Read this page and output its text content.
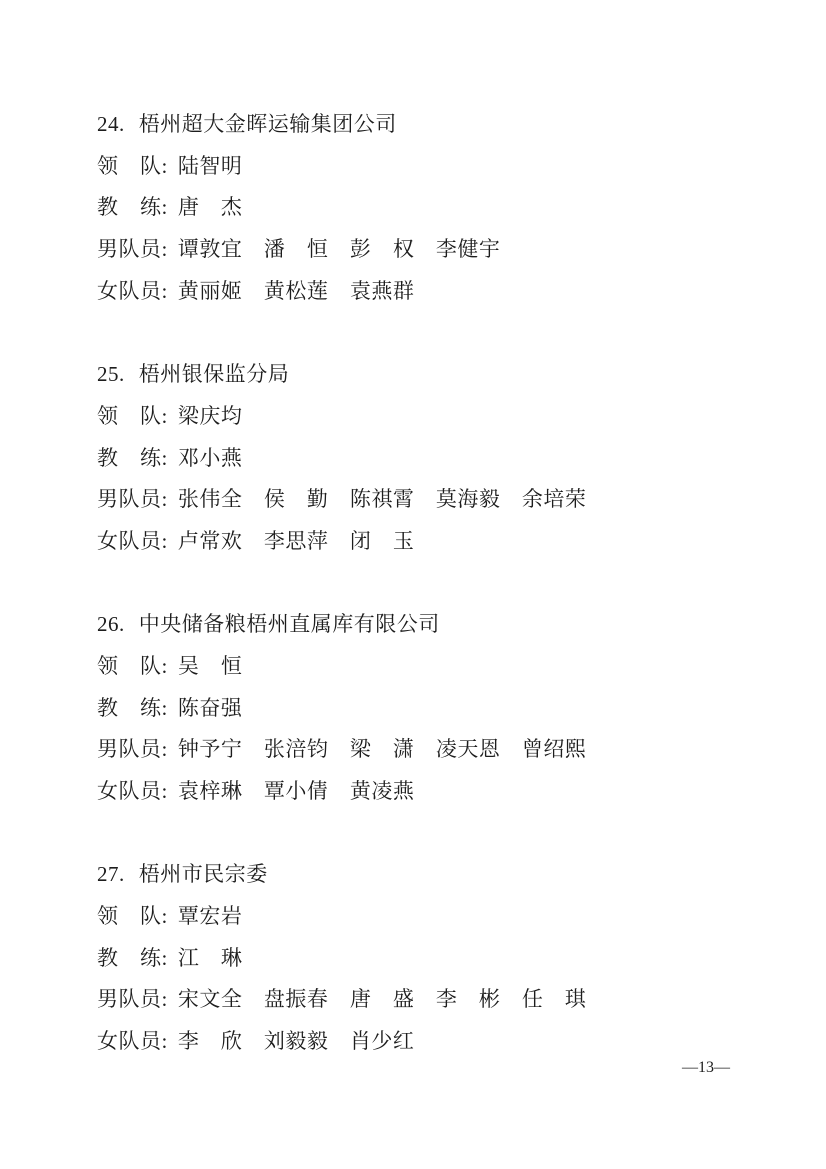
24. 梧州超大金晖运输集团公司
领　队: 陆智明
教　练: 唐　杰
男队员: 谭敦宜　潘　恒　彭　权　李健宇
女队员: 黄丽姬　黄松莲　袁燕群
25. 梧州银保监分局
领　队: 梁庆均
教　练: 邓小燕
男队员: 张伟全　侯　勤　陈祺霄　莫海毅　余培荣
女队员: 卢常欢　李思萍　闭　玉
26. 中央储备粮梧州直属库有限公司
领　队: 吴　恒
教　练: 陈奋强
男队员: 钟予宁　张涪钧　梁　潇　凌天恩　曾绍熙
女队员: 袁梓琳　覃小倩　黄凌燕
27. 梧州市民宗委
领　队: 覃宏岩
教　练: 江　琳
男队员: 宋文全　盘振春　唐　盛　李　彬　任　琪
女队员: 李　欣　刘毅毅　肖少红
—13—
